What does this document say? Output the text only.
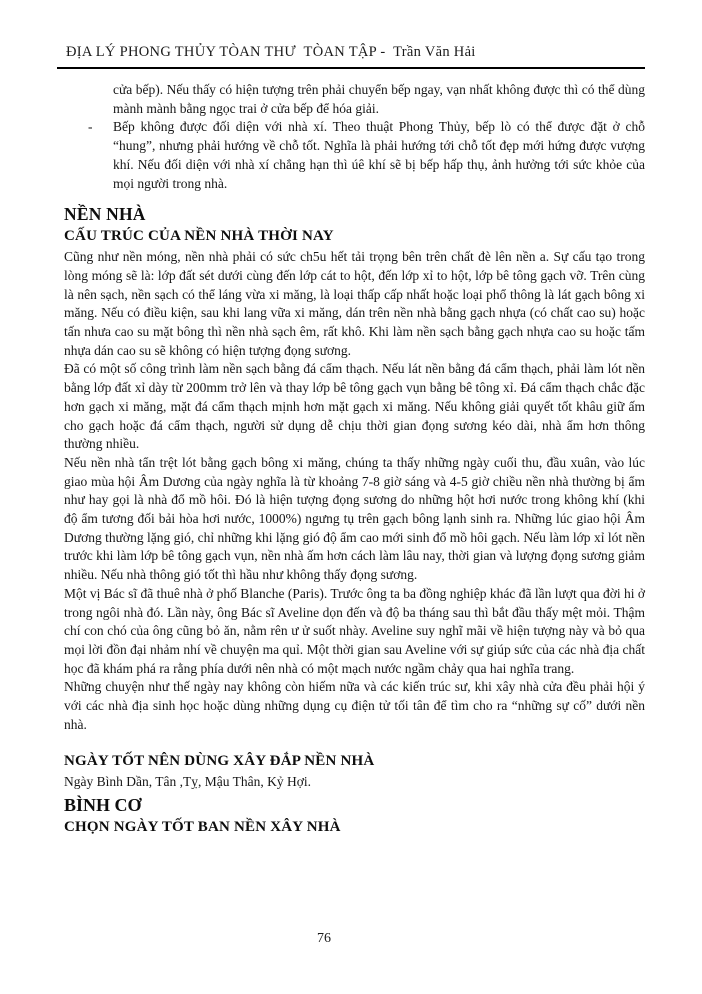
ĐỊA LÝ PHONG THỦY TÒAN THƯ  TÒAN TẬP -  Trần Văn Hải

cửa bếp). Nếu thấy có hiện tượng trên phải chuyển bếp ngay, vạn nhất không được thì có thể dùng mành mành bằng ngọc trai ở cửa bếp để hóa giải.

- Bếp không được đối diện với nhà xí. Theo thuật Phong Thủy, bếp lò có thể được đặt ở chỗ “hung”, nhưng phải hướng về chỗ tốt. Nghĩa là phải hướng tới chỗ tốt đẹp mới hứng được vượng khí. Nếu đối diện với nhà xí chẳng hạn thì úê khí sẽ bị bếp hấp thụ, ảnh hưởng tới sức khỏe của mọi người trong nhà.

NỀN NHÀ
CẤU TRÚC CỦA NỀN NHÀ THỜI NAY

Cũng như nền móng, nền nhà phải có sức ch5u hết tải trọng bên trên chất đè lên nền a. Sự cấu tạo trong lòng móng sẽ là: lớp đất sét dưới cùng đến lớp cát to hột, đến lớp xỉ to hột, lớp bê tông gạch vỡ. Trên cùng là nên sạch, nền sạch có thể láng vừa xi măng, là loại thấp cấp nhất hoặc loại phổ thông là lát gạch bông xi măng. Nếu có điều kiện, sau khi lang vữa xi măng, dán trên nền nhà bằng gạch nhựa (có chất cao su) hoặc tấn nhưa cao su mặt bông thì nền nhà sạch êm, rất khô. Khi làm nền sạch bằng gạch nhựa cao su hoặc tấm nhựa dán cao su sẽ không có hiện tượng đọng sương.

Đã có một số công trình làm nền sạch bằng đá cẩm thạch. Nếu lát nền bằng đá cẩm thạch, phải làm lót nền bằng lớp đất xỉ dày từ 200mm trở lên và thay lớp bê tông gạch vụn bằng bê tông xỉ. Đá cẩm thạch chắc đặc hơn gạch xi măng, mặt đá cẩm thạch mịnh hơn mặt gạch xi măng. Nếu không giải quyết tốt khâu giữ ấm cho gạch hoặc đá cẩm thạch, người sử dụng dễ chịu thời gian đọng sương kéo dài, nhà ẩm hơn thông thường nhiều.

Nếu nền nhà tẩn trệt lót bằng gạch bông xi măng, chúng ta thấy những ngày cuối thu, đầu xuân, vào lúc giao mùa hội Âm Dương của ngày nghĩa là từ khoảng 7-8 giờ sáng và 4-5 giờ chiều nền nhà thường bị ẩm như hay gọi là nhà đổ mồ hôi. Đó là hiện tượng đọng sương do những hột hơi nước trong không khí (khi độ ẩm tương đối bải hòa hơi nước, 1000%) ngưng tụ trên gạch bông lạnh sinh ra. Những lúc giao hội Âm Dương thường lặng gió, chỉ những khi lặng gió độ ẩm cao mới sinh đổ mồ hôi gạch. Nếu làm lớp xỉ lót nền trước khi làm lớp bê tông gạch vụn, nền nhà ấm hơn cách làm lâu nay, thời gian và lượng đọng sương giảm nhiều. Nếu nhà thông gió tốt thì hầu như không thấy đọng sương.

Một vị Bác sĩ đã thuê nhà ở phố Blanche (Paris). Trước ông ta ba đồng nghiệp khác đã lần lượt qua đời hi ở trong ngôi nhà đó. Lần này, ông Bác sĩ Aveline dọn đến và độ ba tháng sau thì bắt đầu thấy mệt mỏi. Thậm chí con chó của ông cũng bỏ ăn, nằm rên ư ử suốt nhày. Aveline suy nghĩ mãi về hiện tượng này và bỏ qua mọi lời đồn đại nhảm nhí về chuyện ma quỉ. Một thời gian sau Aveline với sự giúp sức của các nhà địa chất học đã khám phá ra rằng phía dưới nên nhà có một mạch nước ngầm chảy qua hai nghĩa trang.

Những chuyện như thế ngày nay không còn hiếm nữa và các kiến trúc sư, khi xây nhà cửa đều phải hội ý với các nhà địa sinh học hoặc dùng những dụng cụ điện tử tối tân để tìm cho ra “những sự cố” dưới nền nhà.

NGÀY TỐT NÊN DÙNG XÂY ĐẮP NỀN NHÀ

Ngày Bình Dần, Tân ,Tỵ, Mậu Thân, Kỷ Hợi.

BÌNH CƠ
CHỌN NGÀY TỐT BAN NỀN XÂY NHÀ
76
